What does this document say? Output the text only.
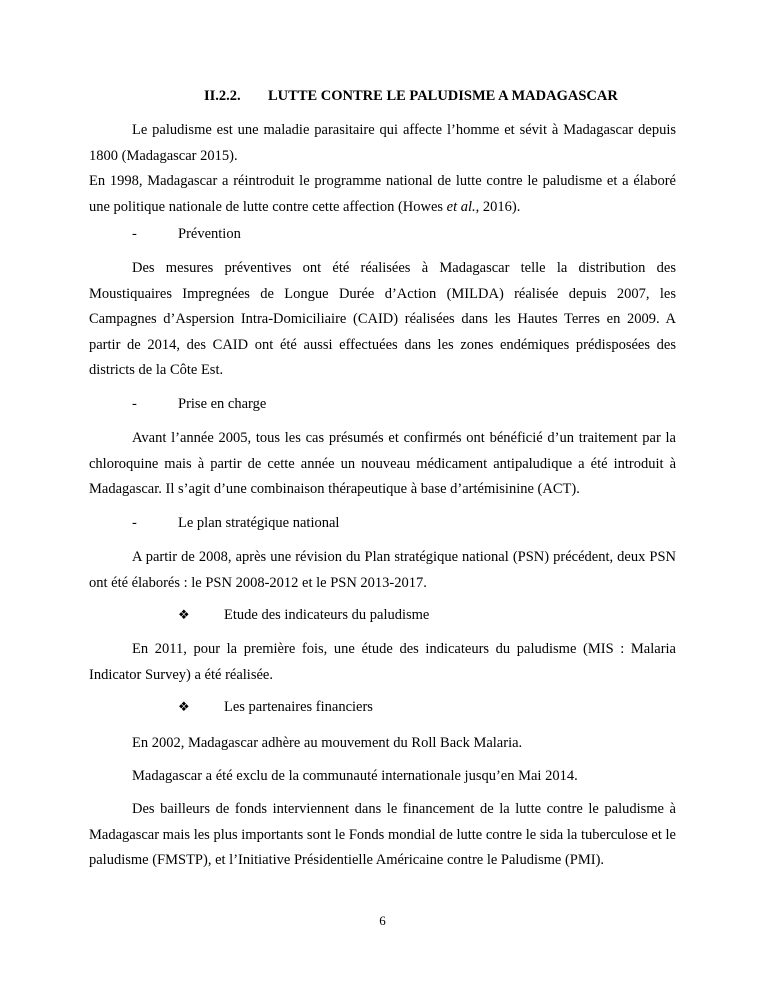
II.2.2. LUTTE CONTRE LE PALUDISME A MADAGASCAR

Le paludisme est une maladie parasitaire qui affecte l’homme et sévit à Madagascar depuis 1800 (Madagascar 2015).

En 1998, Madagascar a réintroduit le programme national de lutte contre le paludisme et a élaboré une politique nationale de lutte contre cette affection (Howes et al., 2016).

-	Prévention

Des mesures préventives ont été réalisées à Madagascar telle la distribution des Moustiquaires Impregnées de Longue Durée d’Action (MILDA) réalisée depuis 2007, les Campagnes d’Aspersion Intra-Domiciliaire (CAID) réalisées dans les Hautes Terres en 2009. A partir de 2014, des CAID ont été aussi effectuées dans les zones endémiques prédisposées des districts de la Côte Est.

-	Prise en charge

Avant l’année 2005, tous les cas présumés et confirmés ont bénéficié d’un traitement par la chloroquine mais à partir de cette année un nouveau médicament antipaludique a été introduit à Madagascar. Il s’agit d’une combinaison thérapeutique à base d’artémisinine (ACT).

-	Le plan stratégique national

A partir de 2008, après une révision du Plan stratégique national (PSN) précédent, deux PSN ont été élaborés : le PSN 2008-2012 et le PSN 2013-2017.

❖ Etude des indicateurs du paludisme

En 2011, pour la première fois, une étude des indicateurs du paludisme (MIS : Malaria Indicator Survey) a été réalisée.

❖ Les partenaires financiers

En 2002, Madagascar adhère au mouvement du Roll Back Malaria.

Madagascar a été exclu de la communauté internationale jusqu’en Mai 2014.

Des bailleurs de fonds interviennent dans le financement de la lutte contre le paludisme à Madagascar mais les plus importants sont le Fonds mondial de lutte contre le sida la tuberculose et le paludisme (FMSTP), et l’Initiative Présidentielle Américaine contre le Paludisme (PMI).

6
